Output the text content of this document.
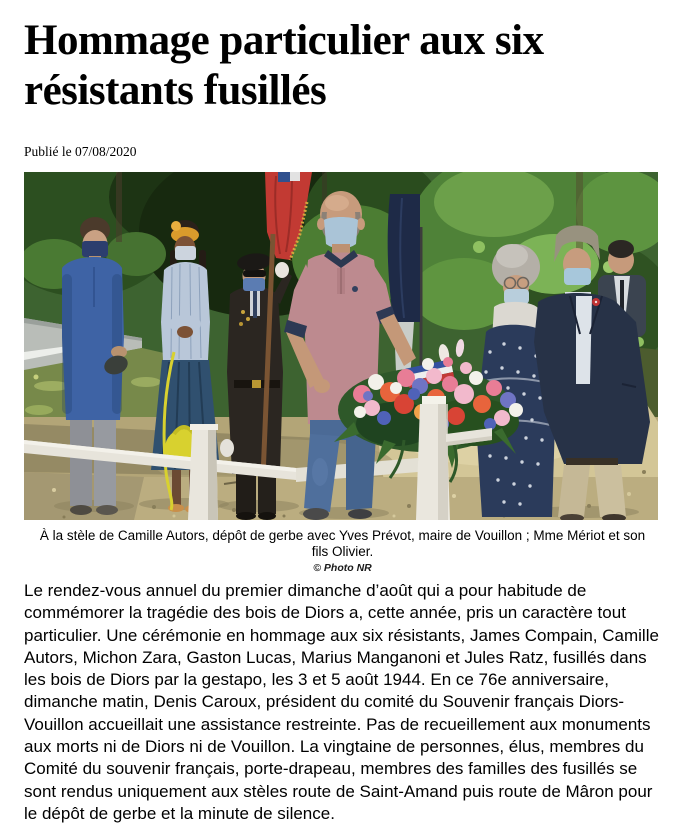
Hommage particulier aux six résistants fusillés
Publié le 07/08/2020
À la stèle de Camille Autors, dépôt de gerbe avec Yves Prévot, maire de Vouillon ; Mme Mériot et son fils Olivier.
© Photo NR

Le rendez-vous annuel du premier dimanche d’août qui a pour habitude de commémorer la tragédie des bois de Diors a, cette année, pris un caractère tout particulier. Une cérémonie en hommage aux six résistants, James Compain, Camille Autors, Michon Zara, Gaston Lucas, Marius Manganoni et Jules Ratz, fusillés dans les bois de Diors par la gestapo, les 3 et 5 août 1944. En ce 76e anniversaire, dimanche matin, Denis Caroux, président du comité du Souvenir français Diors-Vouillon accueillait une assistance restreinte. Pas de recueillement aux monuments aux morts ni de Diors ni de Vouillon. La vingtaine de personnes, élus, membres du Comité du souvenir français, porte-drapeau, membres des familles des fusillés se sont rendus uniquement aux stèles route de Saint-Amand puis route de Mâron pour le dépôt de gerbe et la minute de silence.
